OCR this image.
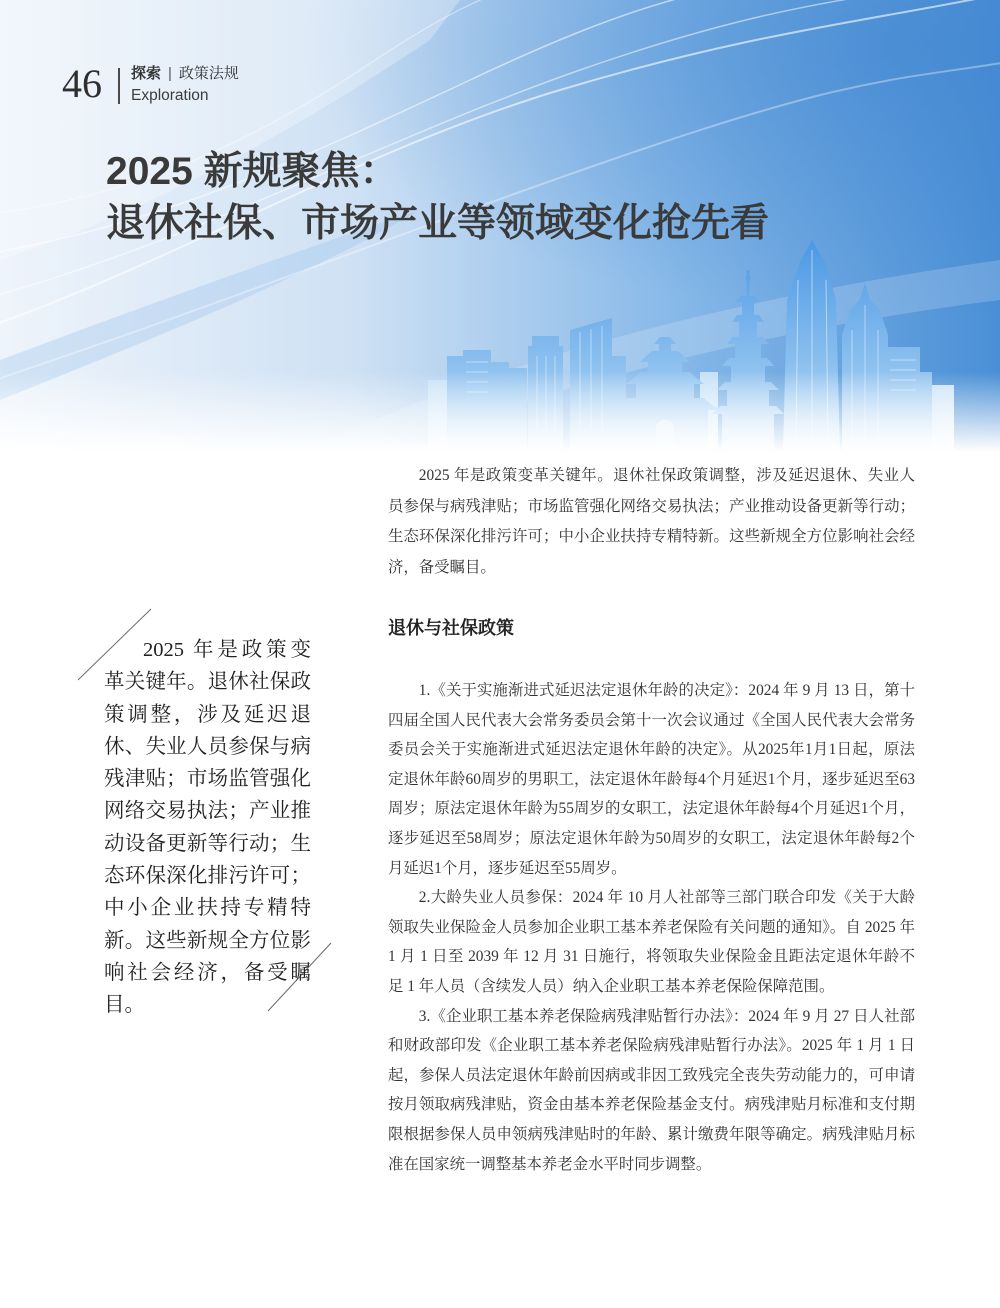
46 探索 | 政策法规
Exploration
2025 新规聚焦：
退休社保、市场产业等领域变化抢先看

2025 年是政策变革关键年。退休社保政策调整，涉及延迟退休、失业人员参保与病残津贴；市场监管强化网络交易执法；产业推动设备更新等行动；生态环保深化排污许可；中小企业扶持专精特新。这些新规全方位影响社会经济，备受瞩目。

2025 年是政策变革关键年。退休社保政策调整，涉及延迟退休、失业人员参保与病残津贴；市场监管强化网络交易执法；产业推动设备更新等行动；生态环保深化排污许可；中小企业扶持专精特新。这些新规全方位影响社会经济，备受瞩目。

退休与社保政策

1.《关于实施渐进式延迟法定退休年龄的决定》：2024 年 9 月 13 日，第十四届全国人民代表大会常务委员会第十一次会议通过《全国人民代表大会常务委员会关于实施渐进式延迟法定退休年龄的决定》。从2025年1月1日起，原法定退休年龄60周岁的男职工，法定退休年龄每4个月延迟1个月，逐步延迟至63周岁；原法定退休年龄为55周岁的女职工，法定退休年龄每4个月延迟1个月，逐步延迟至58周岁；原法定退休年龄为50周岁的女职工，法定退休年龄每2个月延迟1个月，逐步延迟至55周岁。

2.大龄失业人员参保：2024 年 10 月人社部等三部门联合印发《关于大龄领取失业保险金人员参加企业职工基本养老保险有关问题的通知》。自 2025 年 1 月 1 日至 2039 年 12 月 31 日施行，将领取失业保险金且距法定退休年龄不足 1 年人员（含续发人员）纳入企业职工基本养老保险保障范围。

3.《企业职工基本养老保险病残津贴暂行办法》：2024 年 9 月 27 日人社部和财政部印发《企业职工基本养老保险病残津贴暂行办法》。2025 年 1 月 1 日起，参保人员法定退休年龄前因病或非因工致残完全丧失劳动能力的，可申请按月领取病残津贴，资金由基本养老保险基金支付。病残津贴月标准和支付期限根据参保人员申领病残津贴时的年龄、累计缴费年限等确定。病残津贴月标准在国家统一调整基本养老金水平时同步调整。
